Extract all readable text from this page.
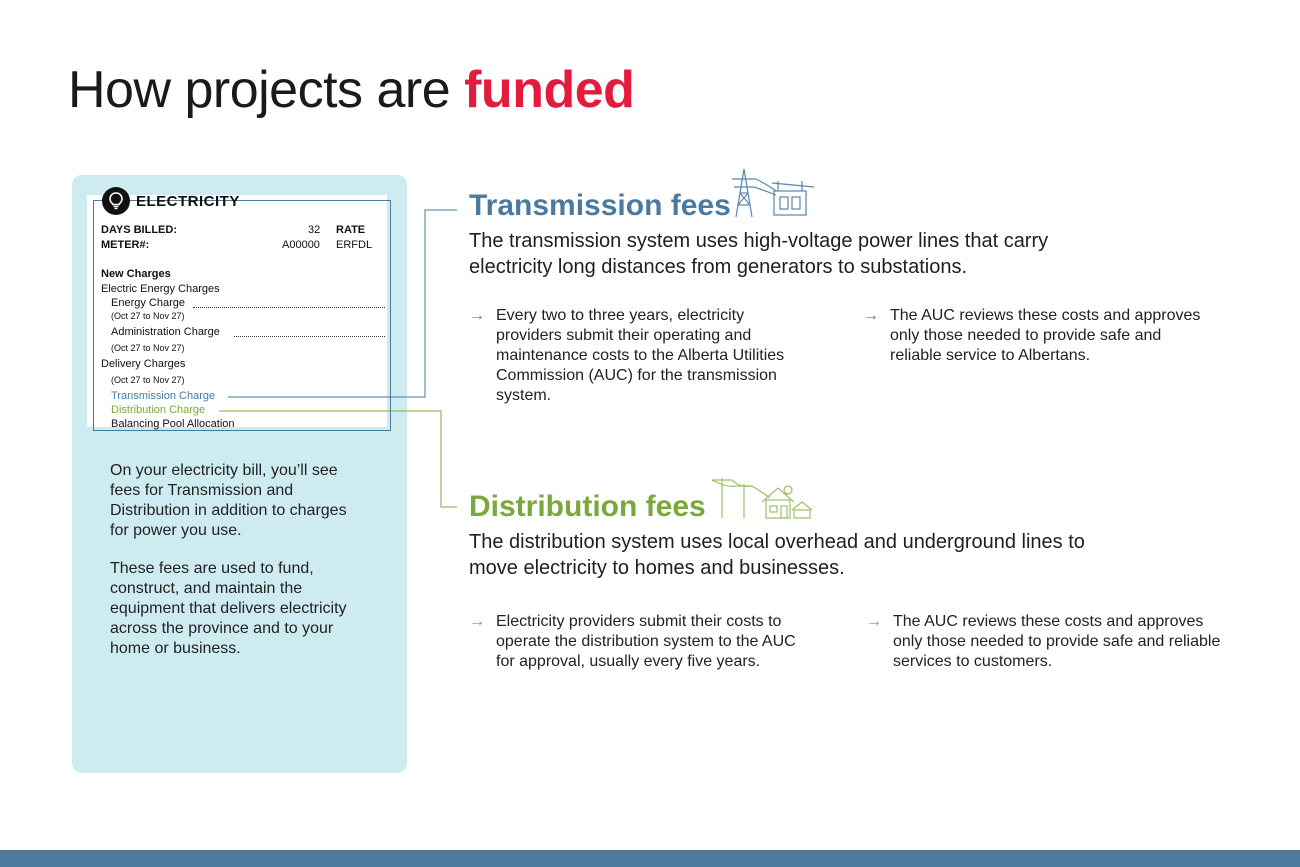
How projects are funded
ELECTRICITY
DAYS BILLED:	32 RATE
METER#:	A00000 ERFDL
New Charges
Electric Energy Charges
Energy Charge
(Oct 27 to Nov 27)
Administration Charge
(Oct 27 to Nov 27)
Delivery Charges
(Oct 27 to Nov 27)
Transmission Charge
Distribution Charge
Balancing Pool Allocation

On your electricity bill, you’ll see fees for Transmission and Distribution in addition to charges for power you use.

These fees are used to fund, construct, and maintain the equipment that delivers electricity across the province and to your home or business.

Transmission fees

The transmission system uses high-voltage power lines that carry electricity long distances from generators to substations.

→ Every two to three years, electricity providers submit their operating and maintenance costs to the Alberta Utilities Commission (AUC) for the transmission system.

→ The AUC reviews these costs and approves only those needed to provide safe and reliable service to Albertans.

Distribution fees

The distribution system uses local overhead and underground lines to move electricity to homes and businesses.

→ Electricity providers submit their costs to operate the distribution system to the AUC for approval, usually every five years.

→ The AUC reviews these costs and approves only those needed to provide safe and reliable services to customers.
